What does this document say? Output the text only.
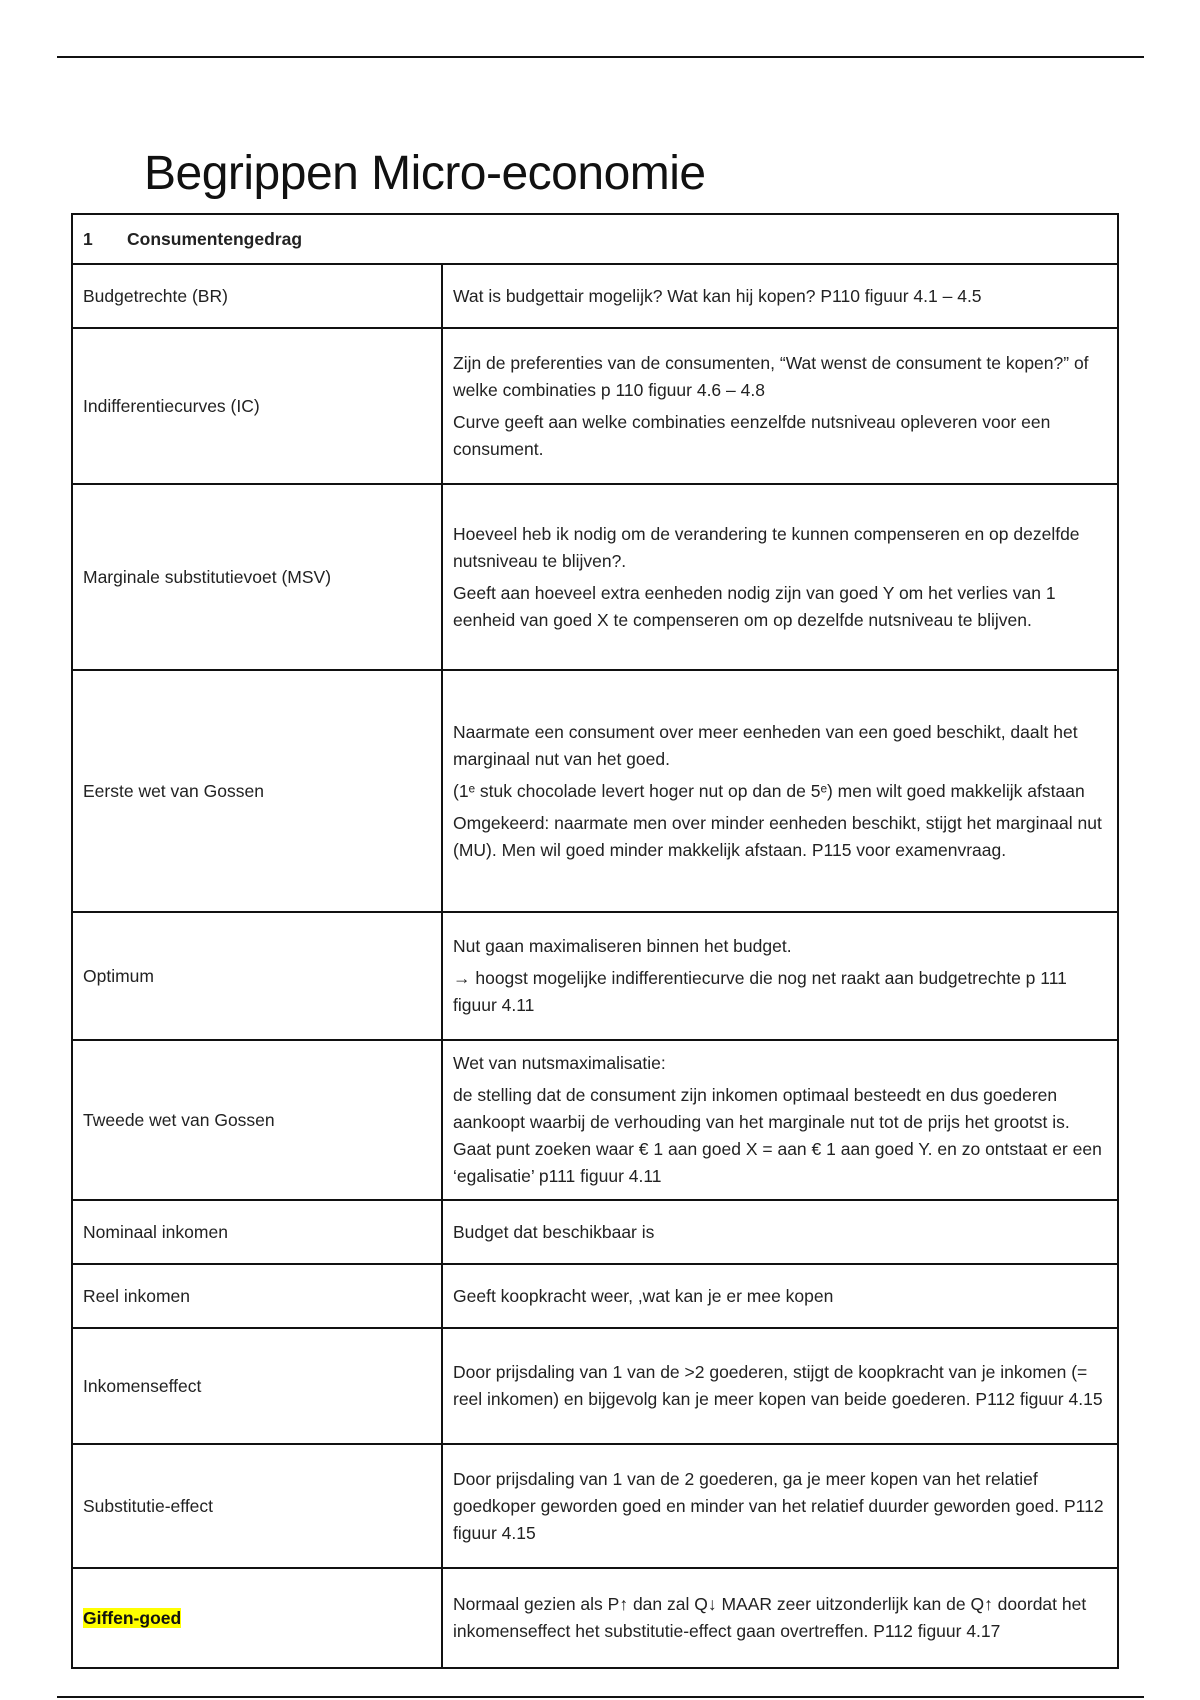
Begrippen Micro-economie
1 Consumentengedrag	
Budgetrechte (BR)	Wat is budgettair mogelijk? Wat kan hij kopen? P110 figuur 4.1 – 4.5

Indifferentiecurves (IC)	Zijn de preferenties van de consumenten, “Wat wenst de consument te kopen?” of welke combinaties p 110 figuur 4.6 – 4.8

Curve geeft aan welke combinaties eenzelfde nutsniveau opleveren voor een consument.

Marginale substitutievoet (MSV)	Hoeveel heb ik nodig om de verandering te kunnen compenseren en op dezelfde nutsniveau te blijven?.

Geeft aan hoeveel extra eenheden nodig zijn van goed Y om het verlies van 1 eenheid van goed X te compenseren om op dezelfde nutsniveau te blijven.

Eerste wet van Gossen	Naarmate een consument over meer eenheden van een goed beschikt, daalt het marginaal nut van het goed.

(1ᵉ stuk chocolade levert hoger nut op dan de 5ᵉ) men wilt goed makkelijk afstaan

Omgekeerd: naarmate men over minder eenheden beschikt, stijgt het marginaal nut (MU). Men wil goed minder makkelijk afstaan. P115 voor examenvraag.

Optimum	Nut gaan maximaliseren binnen het budget.

→ hoogst mogelijke indifferentiecurve die nog net raakt aan budgetrechte p 111 figuur 4.11

Tweede wet van Gossen	Wet van nutsmaximalisatie:

de stelling dat de consument zijn inkomen optimaal besteedt en dus goederen aankoopt waarbij de verhouding van het marginale nut tot de prijs het grootst is. Gaat punt zoeken waar € 1 aan goed X = aan € 1 aan goed Y. en zo ontstaat er een ‘egalisatie’ p111 figuur 4.11

Nominaal inkomen	Budget dat beschikbaar is

Reel inkomen	Geeft koopkracht weer, ,wat kan je er mee kopen

Inkomenseffect	Door prijsdaling van 1 van de >2 goederen, stijgt de koopkracht van je inkomen (= reel inkomen) en bijgevolg kan je meer kopen van beide goederen. P112 figuur 4.15

Substitutie-effect	Door prijsdaling van 1 van de 2 goederen, ga je meer kopen van het relatief goedkoper geworden goed en minder van het relatief duurder geworden goed. P112 figuur 4.15

Giffen-goed	Normaal gezien als P↑ dan zal Q↓ MAAR zeer uitzonderlijk kan de Q↑ doordat het inkomenseffect het substitutie-effect gaan overtreffen. P112 figuur 4.17
